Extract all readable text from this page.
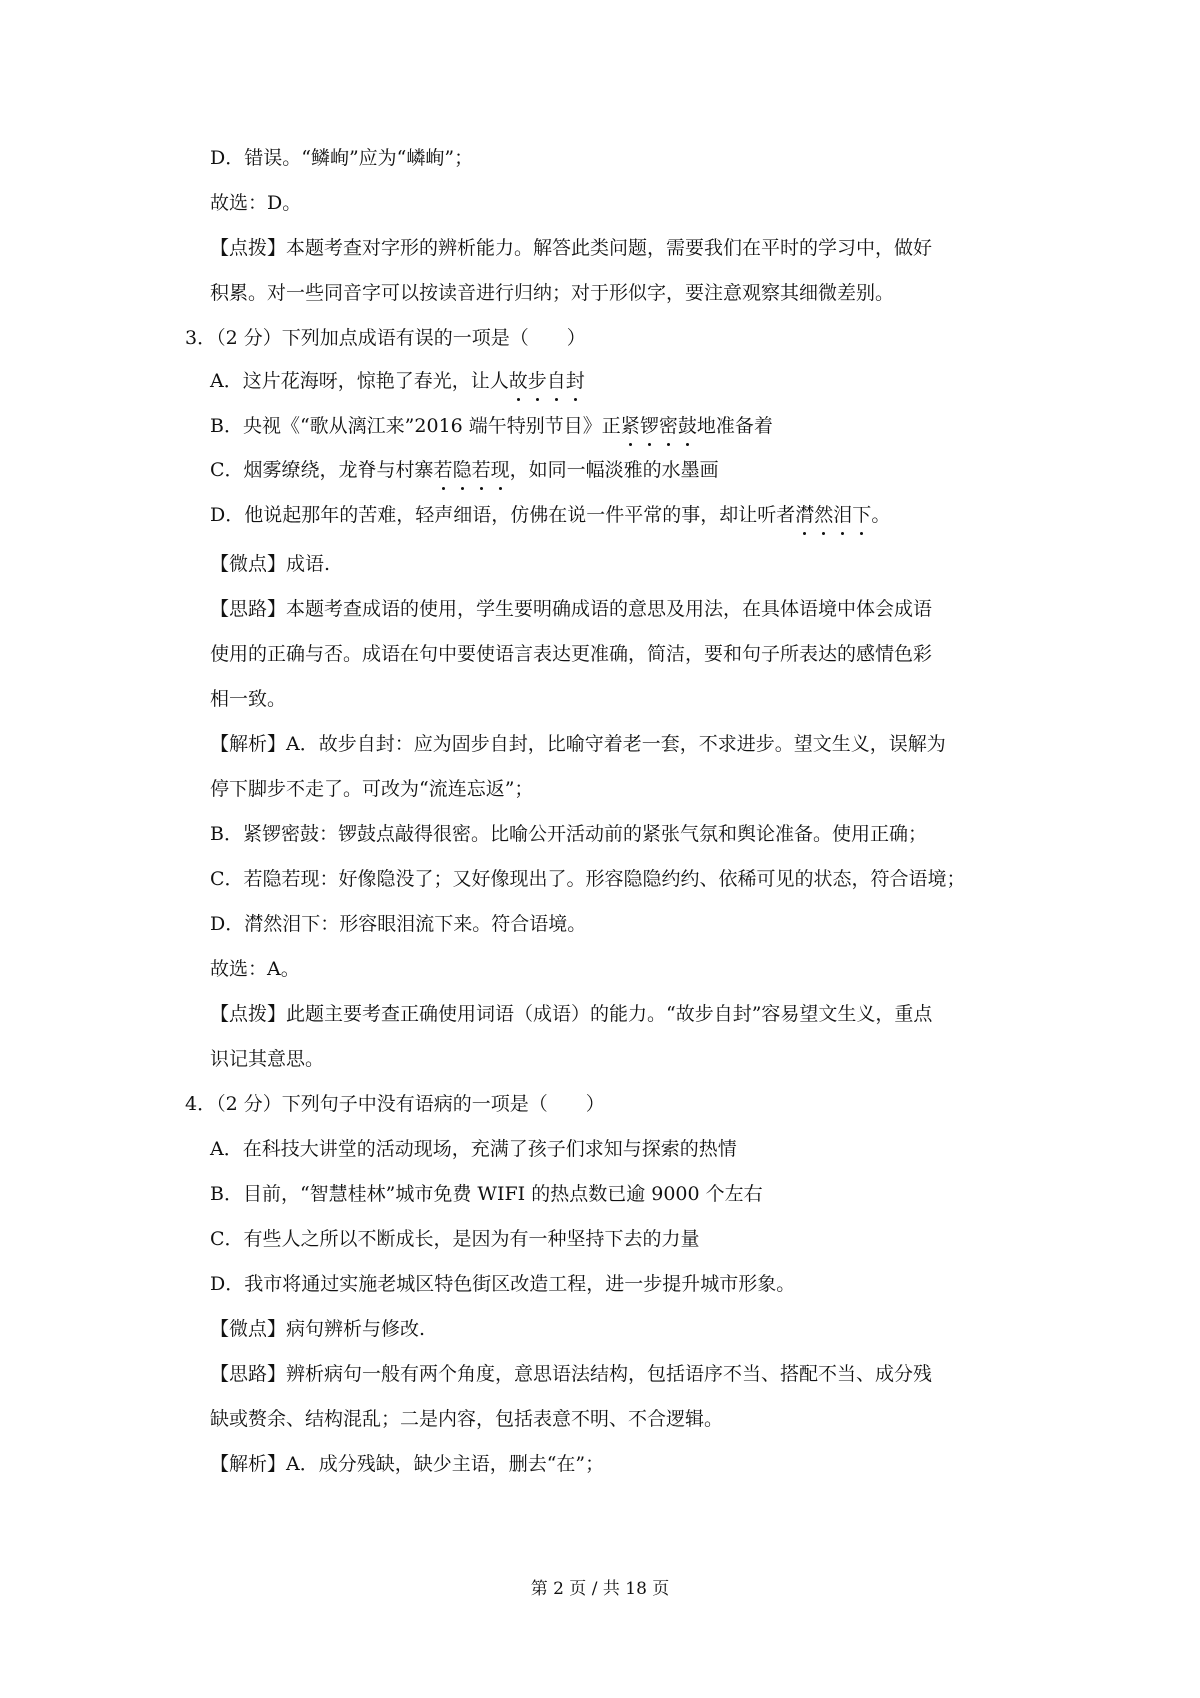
D．错误。“鳞峋”应为“嶙峋”；
故选：D。
【点拨】本题考查对字形的辨析能力。解答此类问题，需要我们在平时的学习中，做好
积累。对一些同音字可以按读音进行归纳；对于形似字，要注意观察其细微差别。
3．（2 分）下列加点成语有误的一项是（　　）
A．这片花海呀，惊艳了春光，让人故步自封
B．央视《“歌从漓江来”2016 端午特别节目》正紧锣密鼓地准备着
C．烟雾缭绕，龙脊与村寨若隐若现，如同一幅淡雅的水墨画
D．他说起那年的苦难，轻声细语，仿佛在说一件平常的事，却让听者潸然泪下。
【微点】成语.
【思路】本题考查成语的使用，学生要明确成语的意思及用法，在具体语境中体会成语
使用的正确与否。成语在句中要使语言表达更准确，简洁，要和句子所表达的感情色彩
相一致。
【解析】A．故步自封：应为固步自封，比喻守着老一套，不求进步。望文生义，误解为
停下脚步不走了。可改为“流连忘返”；
B．紧锣密鼓：锣鼓点敲得很密。比喻公开活动前的紧张气氛和舆论准备。使用正确；
C．若隐若现：好像隐没了；又好像现出了。形容隐隐约约、依稀可见的状态，符合语境；
D．潸然泪下：形容眼泪流下来。符合语境。
故选：A。
【点拨】此题主要考查正确使用词语（成语）的能力。“故步自封”容易望文生义，重点
识记其意思。
4．（2 分）下列句子中没有语病的一项是（　　）
A．在科技大讲堂的活动现场，充满了孩子们求知与探索的热情
B．目前，“智慧桂林”城市免费 WIFI 的热点数已逾 9000 个左右
C．有些人之所以不断成长，是因为有一种坚持下去的力量
D．我市将通过实施老城区特色街区改造工程，进一步提升城市形象。
【微点】病句辨析与修改.
【思路】辨析病句一般有两个角度，意思语法结构，包括语序不当、搭配不当、成分残
缺或赘余、结构混乱；二是内容，包括表意不明、不合逻辑。
【解析】A．成分残缺，缺少主语，删去“在”；
第 2 页 / 共 18 页
